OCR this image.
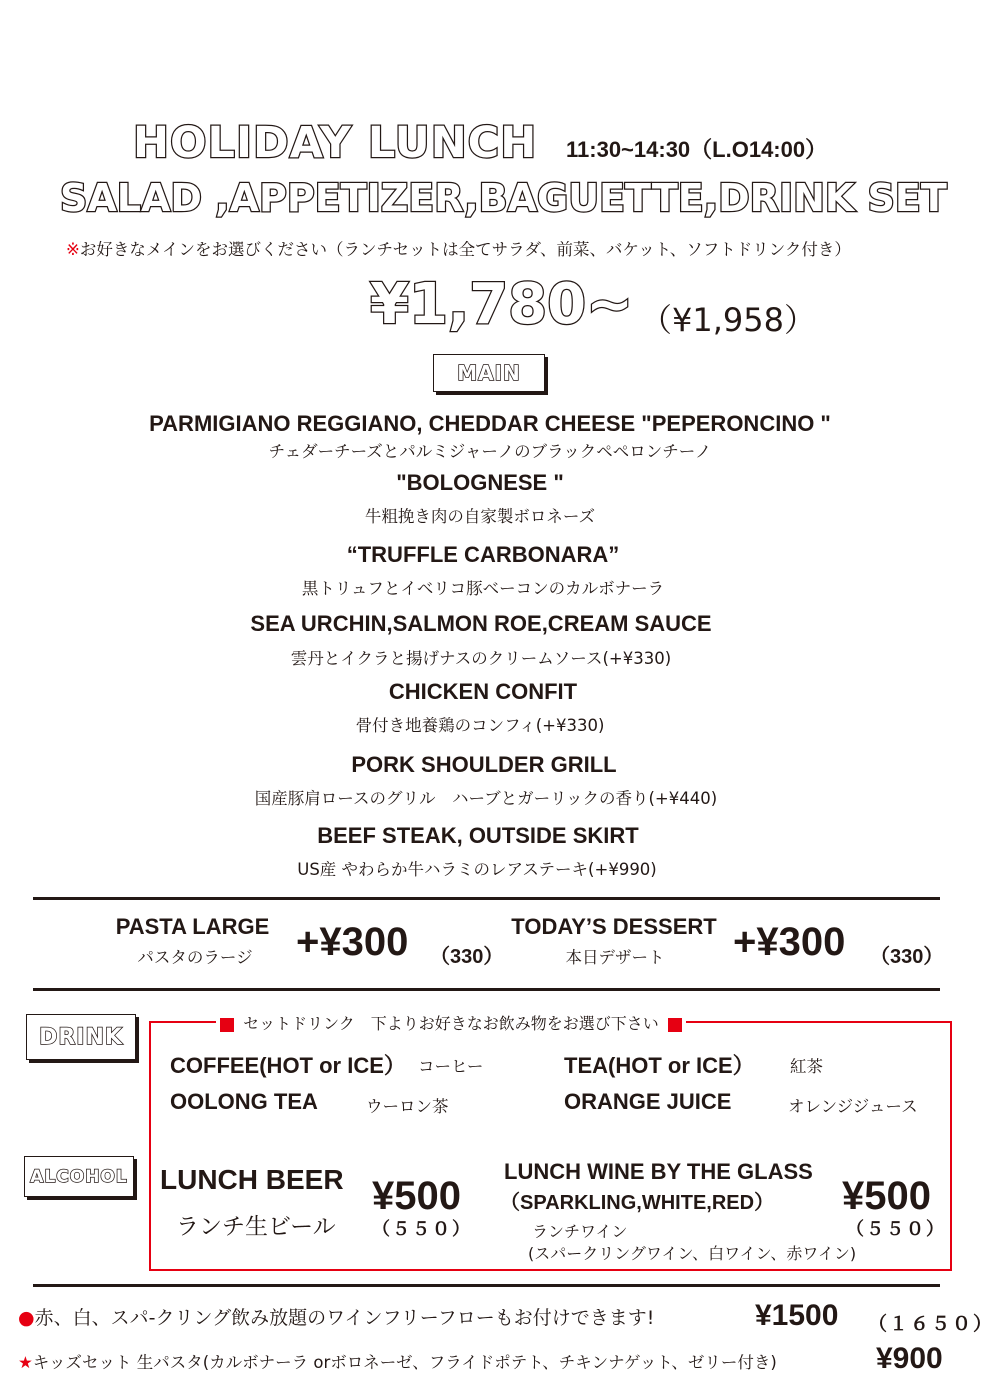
HOLIDAY LUNCH 11:30~14:30（L.O14:00）
SALAD ,APPETIZER,BAGUETTE,DRINK SET
※お好きなメインをお選びください（ランチセットは全てサラダ、前菜、バケット、ソフトドリンク付き）
¥1,780~ （¥1,958）
MAIN
PARMIGIANO REGGIANO, CHEDDAR CHEESE "PEPERONCINO "
チェダーチーズとパルミジャーノのブラックペペロンチーノ
"BOLOGNESE "
牛粗挽き肉の自家製ボロネーズ
“TRUFFLE CARBONARA”
黒トリュフとイベリコ豚ベーコンのカルボナーラ
SEA URCHIN,SALMON ROE,CREAM SAUCE
雲丹とイクラと揚げナスのクリームソース(+¥330)
CHICKEN CONFIT
骨付き地養鶏のコンフィ(+¥330)
PORK SHOULDER GRILL
国産豚肩ロースのグリル　ハーブとガーリックの香り(+¥440)
BEEF STEAK, OUTSIDE SKIRT
US産 やわらか牛ハラミのレアステーキ(+¥990)
PASTA LARGE
パスタのラージ	+¥300 （330）
TODAY’S DESSERT
本日デザート	+¥300 （330）
DRINK
セットドリンク　下よりお好きなお飲み物をお選び下さい
COFFEE(HOT or ICE） コーヒー	TEA(HOT or ICE） 紅茶
OOLONG TEA	ウーロン茶	ORANGE JUICE	オレンジジュース
ALCOHOL LUNCH BEER
ランチ生ビール
¥500
（５５０）
LUNCH WINE BY THE GLASS
（SPARKLING,WHITE,RED）
ランチワイン
(スパークリングワイン、白ワイン、赤ワイン)
¥500
（５５０）
●赤、白、スパ-クリング飲み放題のワインフリーフローもお付けできます!	¥1500 （１６５０）
★キッズセット 生パスタ(カルボナーラ orボロネーゼ、フライドポテト、チキンナゲット、ゼリー付き)	¥900
